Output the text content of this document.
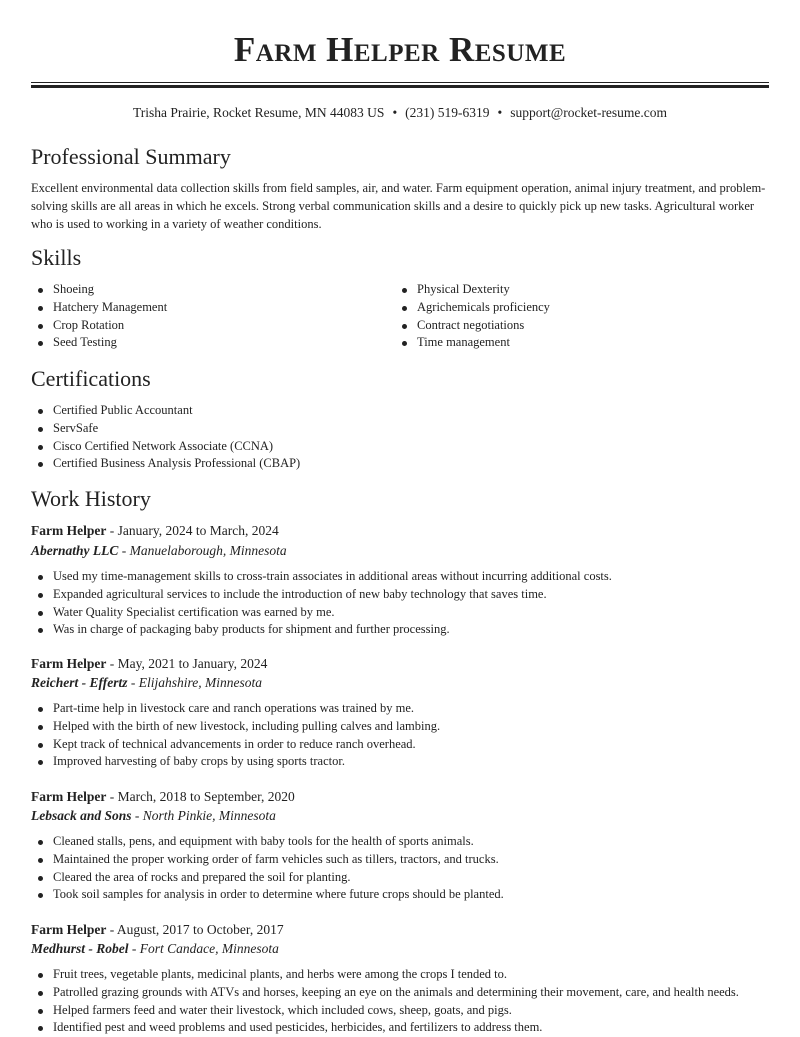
Farm Helper Resume
Trisha Prairie, Rocket Resume, MN 44083 US • (231) 519-6319 • support@rocket-resume.com
Professional Summary

Excellent environmental data collection skills from field samples, air, and water. Farm equipment operation, animal injury treatment, and problem-solving skills are all areas in which he excels. Strong verbal communication skills and a desire to quickly pick up new tasks. Agricultural worker who is used to working in a variety of weather conditions.

Skills
Shoeing
Hatchery Management
Crop Rotation
Seed Testing
Physical Dexterity
Agrichemicals proficiency
Contract negotiations
Time management
Certifications
Certified Public Accountant
ServSafe
Cisco Certified Network Associate (CCNA)
Certified Business Analysis Professional (CBAP)
Work History
Farm Helper - January, 2024 to March, 2024
Abernathy LLC - Manuelaborough, Minnesota
Used my time-management skills to cross-train associates in additional areas without incurring additional costs.
Expanded agricultural services to include the introduction of new baby technology that saves time.
Water Quality Specialist certification was earned by me.
Was in charge of packaging baby products for shipment and further processing.
Farm Helper - May, 2021 to January, 2024
Reichert - Effertz - Elijahshire, Minnesota
Part-time help in livestock care and ranch operations was trained by me.
Helped with the birth of new livestock, including pulling calves and lambing.
Kept track of technical advancements in order to reduce ranch overhead.
Improved harvesting of baby crops by using sports tractor.
Farm Helper - March, 2018 to September, 2020
Lebsack and Sons - North Pinkie, Minnesota
Cleaned stalls, pens, and equipment with baby tools for the health of sports animals.
Maintained the proper working order of farm vehicles such as tillers, tractors, and trucks.
Cleared the area of rocks and prepared the soil for planting.
Took soil samples for analysis in order to determine where future crops should be planted.
Farm Helper - August, 2017 to October, 2017
Medhurst - Robel - Fort Candace, Minnesota
Fruit trees, vegetable plants, medicinal plants, and herbs were among the crops I tended to.
Patrolled grazing grounds with ATVs and horses, keeping an eye on the animals and determining their movement, care, and health needs.
Helped farmers feed and water their livestock, which included cows, sheep, goats, and pigs.
Identified pest and weed problems and used pesticides, herbicides, and fertilizers to address them.
